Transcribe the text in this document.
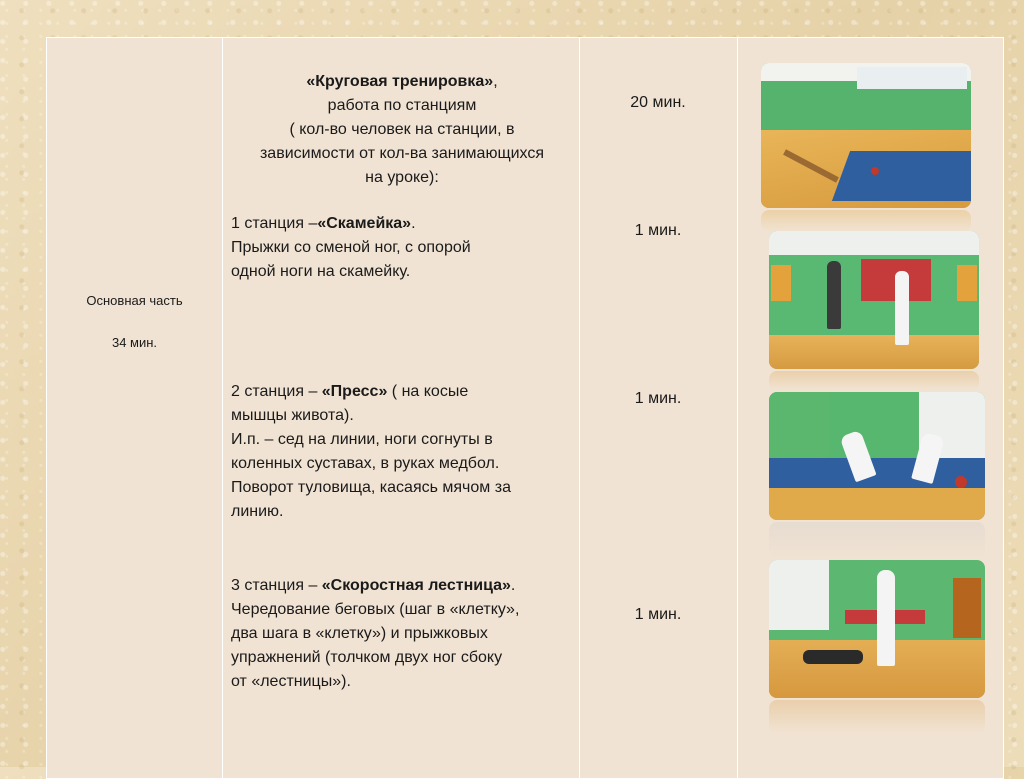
Основная часть
34 мин.
«Круговая тренировка»,
работа по станциям
( кол-во человек на станции, в
зависимости от кол-ва занимающихся
на уроке):
20 мин.
1 станция –«Скамейка».
Прыжки со сменой ног, с опорой
одной ноги на скамейку.
1 мин.
2 станция – «Пресс» ( на косые
мышцы живота).
И.п. – сед на линии, ноги согнуты в
коленных суставах, в руках медбол.
Поворот туловища, касаясь мячом за
линию.
1 мин.
3 станция – «Скоростная лестница».
Чередование беговых (шаг в «клетку»,
два шага в «клетку») и прыжковых
упражнений (толчком двух ног сбоку
от «лестницы»).
1 мин.
